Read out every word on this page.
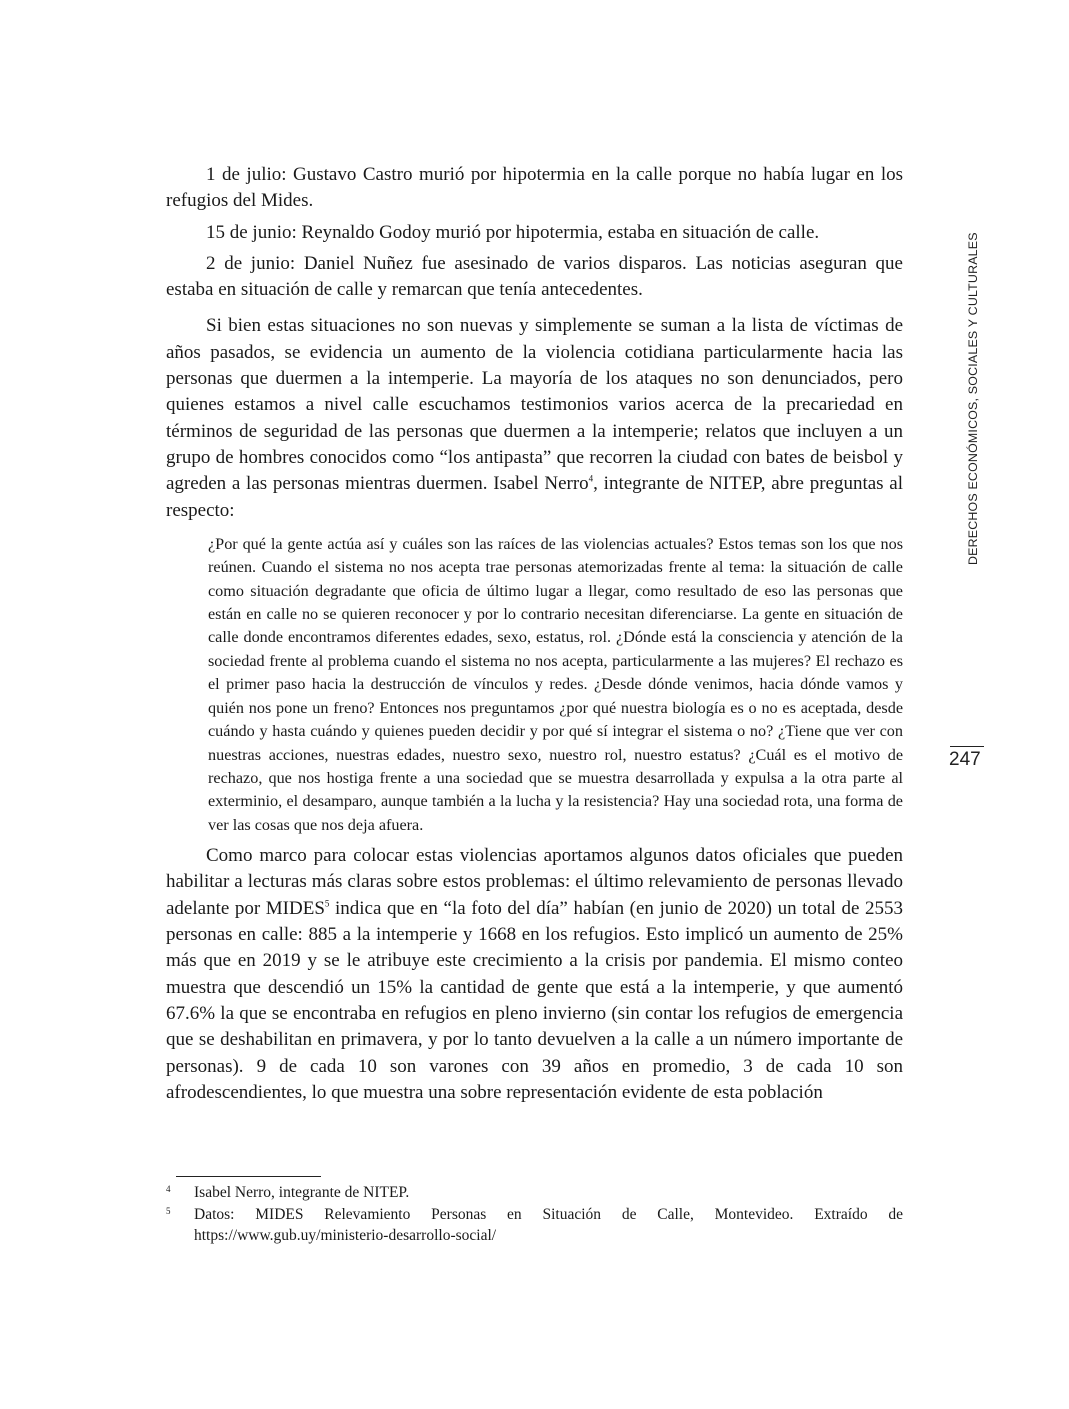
1 de julio: Gustavo Castro murió por hipotermia en la calle porque no había lugar en los refugios del Mides.

15 de junio: Reynaldo Godoy murió por hipotermia, estaba en situación de calle.

2 de junio: Daniel Nuñez fue asesinado de varios disparos. Las noticias aseguran que estaba en situación de calle y remarcan que tenía antecedentes.

Si bien estas situaciones no son nuevas y simplemente se suman a la lista de víctimas de años pasados, se evidencia un aumento de la violencia cotidiana particularmente hacia las personas que duermen a la intemperie. La mayoría de los ataques no son denunciados, pero quienes estamos a nivel calle escuchamos testimonios varios acerca de la precariedad en términos de seguridad de las personas que duermen a la intemperie; relatos que incluyen a un grupo de hombres conocidos como “los antipasta” que recorren la ciudad con bates de beisbol y agreden a las personas mientras duermen. Isabel Nerro$^4$, integrante de NITEP, abre preguntas al respecto:

¿Por qué la gente actúa así y cuáles son las raíces de las violencias actuales? Estos temas son los que nos reúnen. Cuando el sistema no nos acepta trae personas atemorizadas frente al tema: la situación de calle como situación degradante que oficia de último lugar a llegar, como resultado de eso las personas que están en calle no se quieren reconocer y por lo contrario necesitan diferenciarse. La gente en situación de calle donde encontramos diferentes edades, sexo, estatus, rol. ¿Dónde está la consciencia y atención de la sociedad frente al problema cuando el sistema no nos acepta, particularmente a las mujeres? El rechazo es el primer paso hacia la destrucción de vínculos y redes. ¿Desde dónde venimos, hacia dónde vamos y quién nos pone un freno? Entonces nos preguntamos ¿por qué nuestra biología es o no es aceptada, desde cuándo y hasta cuándo y quienes pueden decidir y por qué sí integrar el sistema o no? ¿Tiene que ver con nuestras acciones, nuestras edades, nuestro sexo, nuestro rol, nuestro estatus? ¿Cuál es el motivo de rechazo, que nos hostiga frente a una sociedad que se muestra desarrollada y expulsa a la otra parte al exterminio, el desamparo, aunque también a la lucha y la resistencia? Hay una sociedad rota, una forma de ver las cosas que nos deja afuera.

Como marco para colocar estas violencias aportamos algunos datos oficiales que pueden habilitar a lecturas más claras sobre estos problemas: el último relevamiento de personas llevado adelante por MIDES$^5$ indica que en “la foto del día” habían (en junio de 2020) un total de 2553 personas en calle: 885 a la intemperie y 1668 en los refugios. Esto implicó un aumento de 25% más que en 2019 y se le atribuye este crecimiento a la crisis por pandemia. El mismo conteo muestra que descendió un 15% la cantidad de gente que está a la intemperie, y que aumentó 67.6% la que se encontraba en refugios en pleno invierno (sin contar los refugios de emergencia que se deshabilitan en primavera, y por lo tanto devuelven a la calle a un número importante de personas). 9 de cada 10 son varones con 39 años en promedio, 3 de cada 10 son afrodescendientes, lo que muestra una sobre representación evidente de esta población

4	Isabel Nerro, integrante de NITEP.
5	Datos: MIDES Relevamiento Personas en Situación de Calle, Montevideo. Extraído de https://www.gub.uy/ministerio-desarrollo-social/
DERECHOS ECONÓMICOS, SOCIALES Y CULTURALES
247
